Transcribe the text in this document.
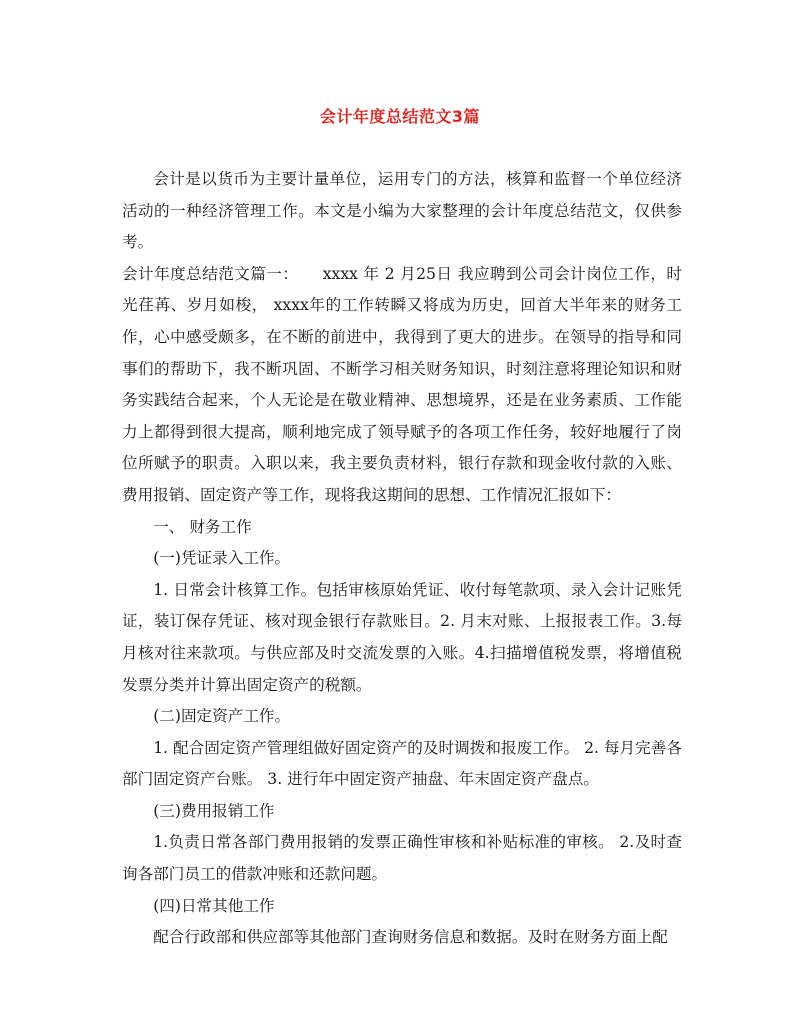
会计年度总结范文3篇

会计是以货币为主要计量单位，运用专门的方法，核算和监督一个单位经济活动的一种经济管理工作。本文是小编为大家整理的会计年度总结范文，仅供参考。

会计年度总结范文篇一：　　xxxx 年 2 月25日 我应聘到公司会计岗位工作，时光荏苒、岁月如梭， xxxx年的工作转瞬又将成为历史，回首大半年来的财务工作，心中感受颇多，在不断的前进中，我得到了更大的进步。在领导的指导和同事们的帮助下，我不断巩固、不断学习相关财务知识，时刻注意将理论知识和财务实践结合起来，个人无论是在敬业精神、思想境界，还是在业务素质、工作能力上都得到很大提高，顺利地完成了领导赋予的各项工作任务，较好地履行了岗位所赋予的职责。入职以来，我主要负责材料，银行存款和现金收付款的入账、费用报销、固定资产等工作，现将我这期间的思想、工作情况汇报如下：

一、 财务工作

(一)凭证录入工作。

1. 日常会计核算工作。包括审核原始凭证、收付每笔款项、录入会计记账凭证，装订保存凭证、核对现金银行存款账目。2. 月末对账、上报报表工作。3.每月核对往来款项。与供应部及时交流发票的入账。4.扫描增值税发票，将增值税发票分类并计算出固定资产的税额。

(二)固定资产工作。

1. 配合固定资产管理组做好固定资产的及时调拨和报废工作。 2. 每月完善各部门固定资产台账。 3. 进行年中固定资产抽盘、年末固定资产盘点。

(三)费用报销工作

1.负责日常各部门费用报销的发票正确性审核和补贴标准的审核。 2.及时查询各部门员工的借款冲账和还款问题。

(四)日常其他工作

配合行政部和供应部等其他部门查询财务信息和数据。及时在财务方面上配
